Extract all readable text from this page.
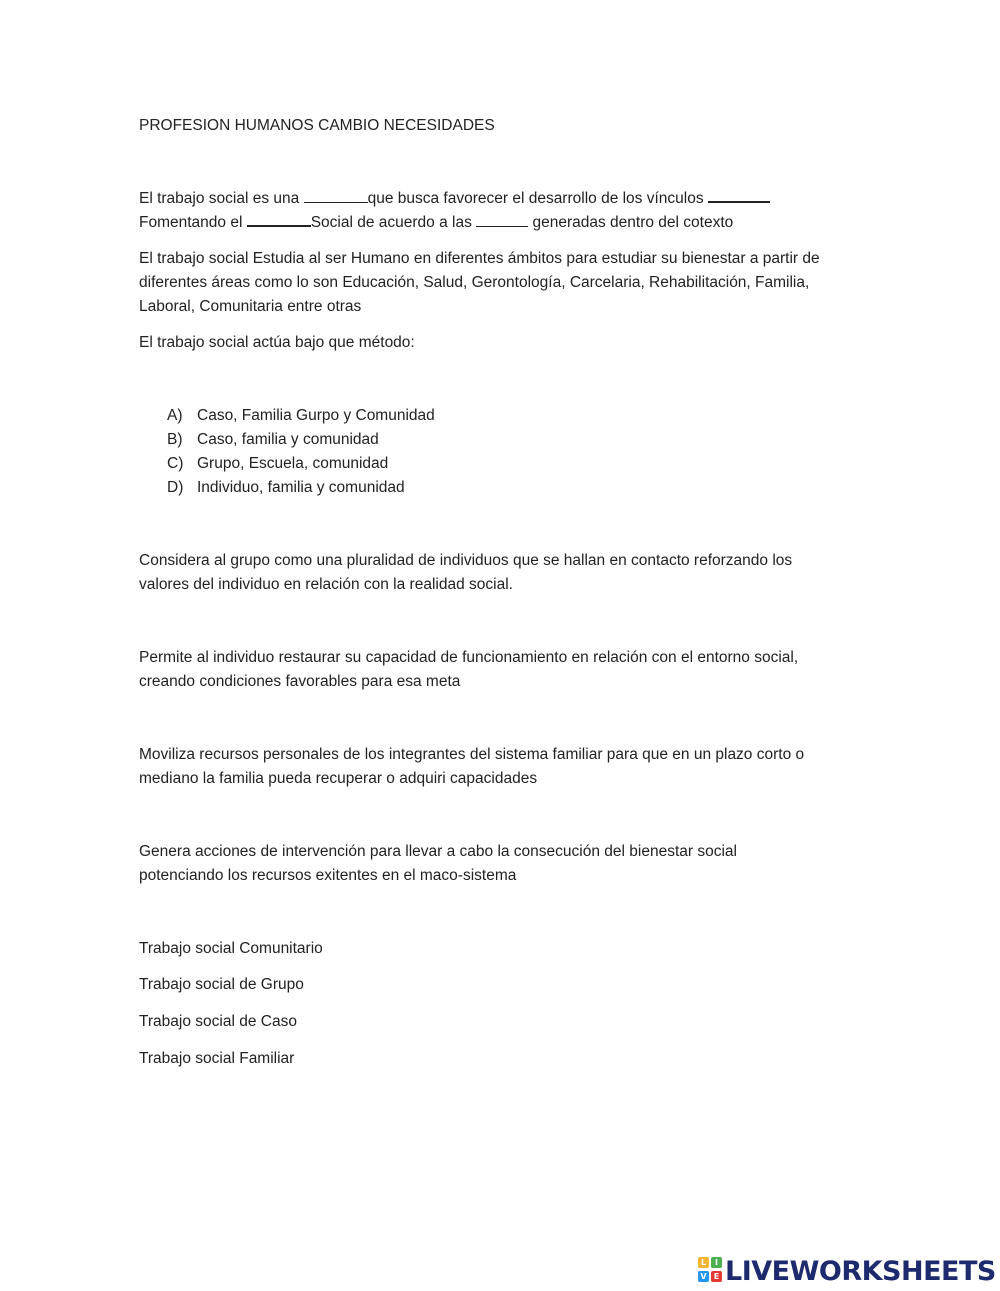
PROFESION HUMANOS CAMBIO NECESIDADES
El trabajo social es una	que busca favorecer el desarrollo de los vínculos
Fomentando el	Social de acuerdo a las	generadas dentro del cotexto
El trabajo social Estudia al ser Humano en diferentes ámbitos para estudiar su bienestar a partir de
diferentes áreas como lo son Educación, Salud, Gerontología, Carcelaria, Rehabilitación, Familia,
Laboral, Comunitaria entre otras
El trabajo social actúa bajo que método:
A) Caso, Familia Gurpo y Comunidad
B) Caso, familia y comunidad
C) Grupo, Escuela, comunidad
D) Individuo, familia y comunidad
Considera al grupo como una pluralidad de individuos que se hallan en contacto reforzando los
valores del individuo en relación con la realidad social.
Permite al individuo restaurar su capacidad de funcionamiento en relación con el entorno social,
creando condiciones favorables para esa meta
Moviliza recursos personales de los integrantes del sistema familiar para que en un plazo corto o
mediano la familia pueda recuperar o adquiri capacidades
Genera acciones de intervención para llevar a cabo la consecución del bienestar social
potenciando los recursos exitentes en el maco-sistema
Trabajo social Comunitario
Trabajo social de Grupo
Trabajo social de Caso
Trabajo social Familiar
L	I
V E LIVEWORKSHEETS
